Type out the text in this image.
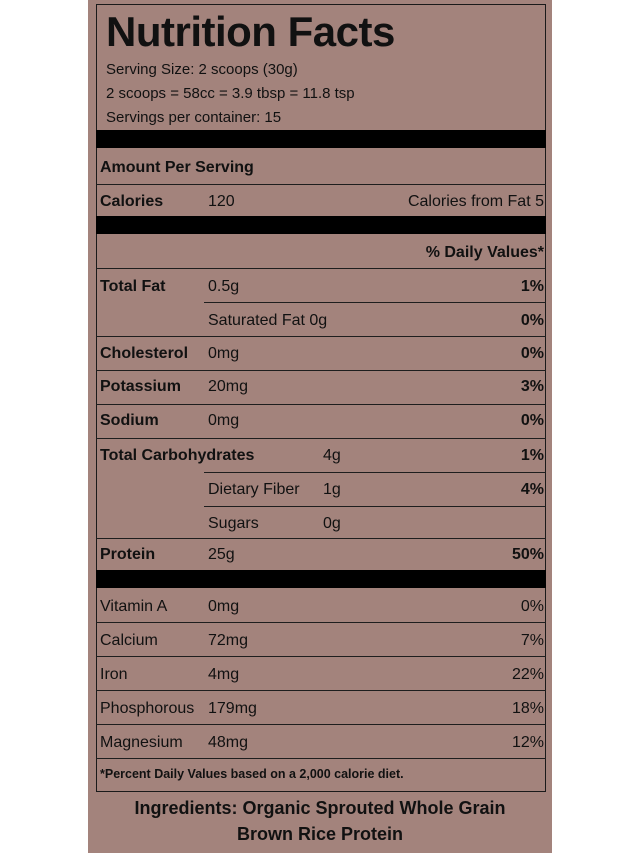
Nutrition Facts
Serving Size: 2 scoops (30g)
2 scoops = 58cc = 3.9 tbsp = 11.8 tsp
Servings per container: 15
Amount Per Serving
Calories	120	Calories from Fat 5
% Daily Values*
Total Fat	0.5g	1%
Saturated Fat 0g	0%
Cholesterol 0mg	0%
Potassium 20mg	3%
Sodium	0mg	0%
Total Carbohydrates	4g	1%
Dietary Fiber 1g	4%
Sugars	0g
Protein	25g	50%
Vitamin A	0mg	0%
Calcium	72mg	7%
Iron	4mg	22%
Phosphorous 179mg	18%
Magnesium 48mg	12%
*Percent Daily Values based on a 2,000 calorie diet.
Ingredients: Organic Sprouted Whole Grain
Brown Rice Protein
